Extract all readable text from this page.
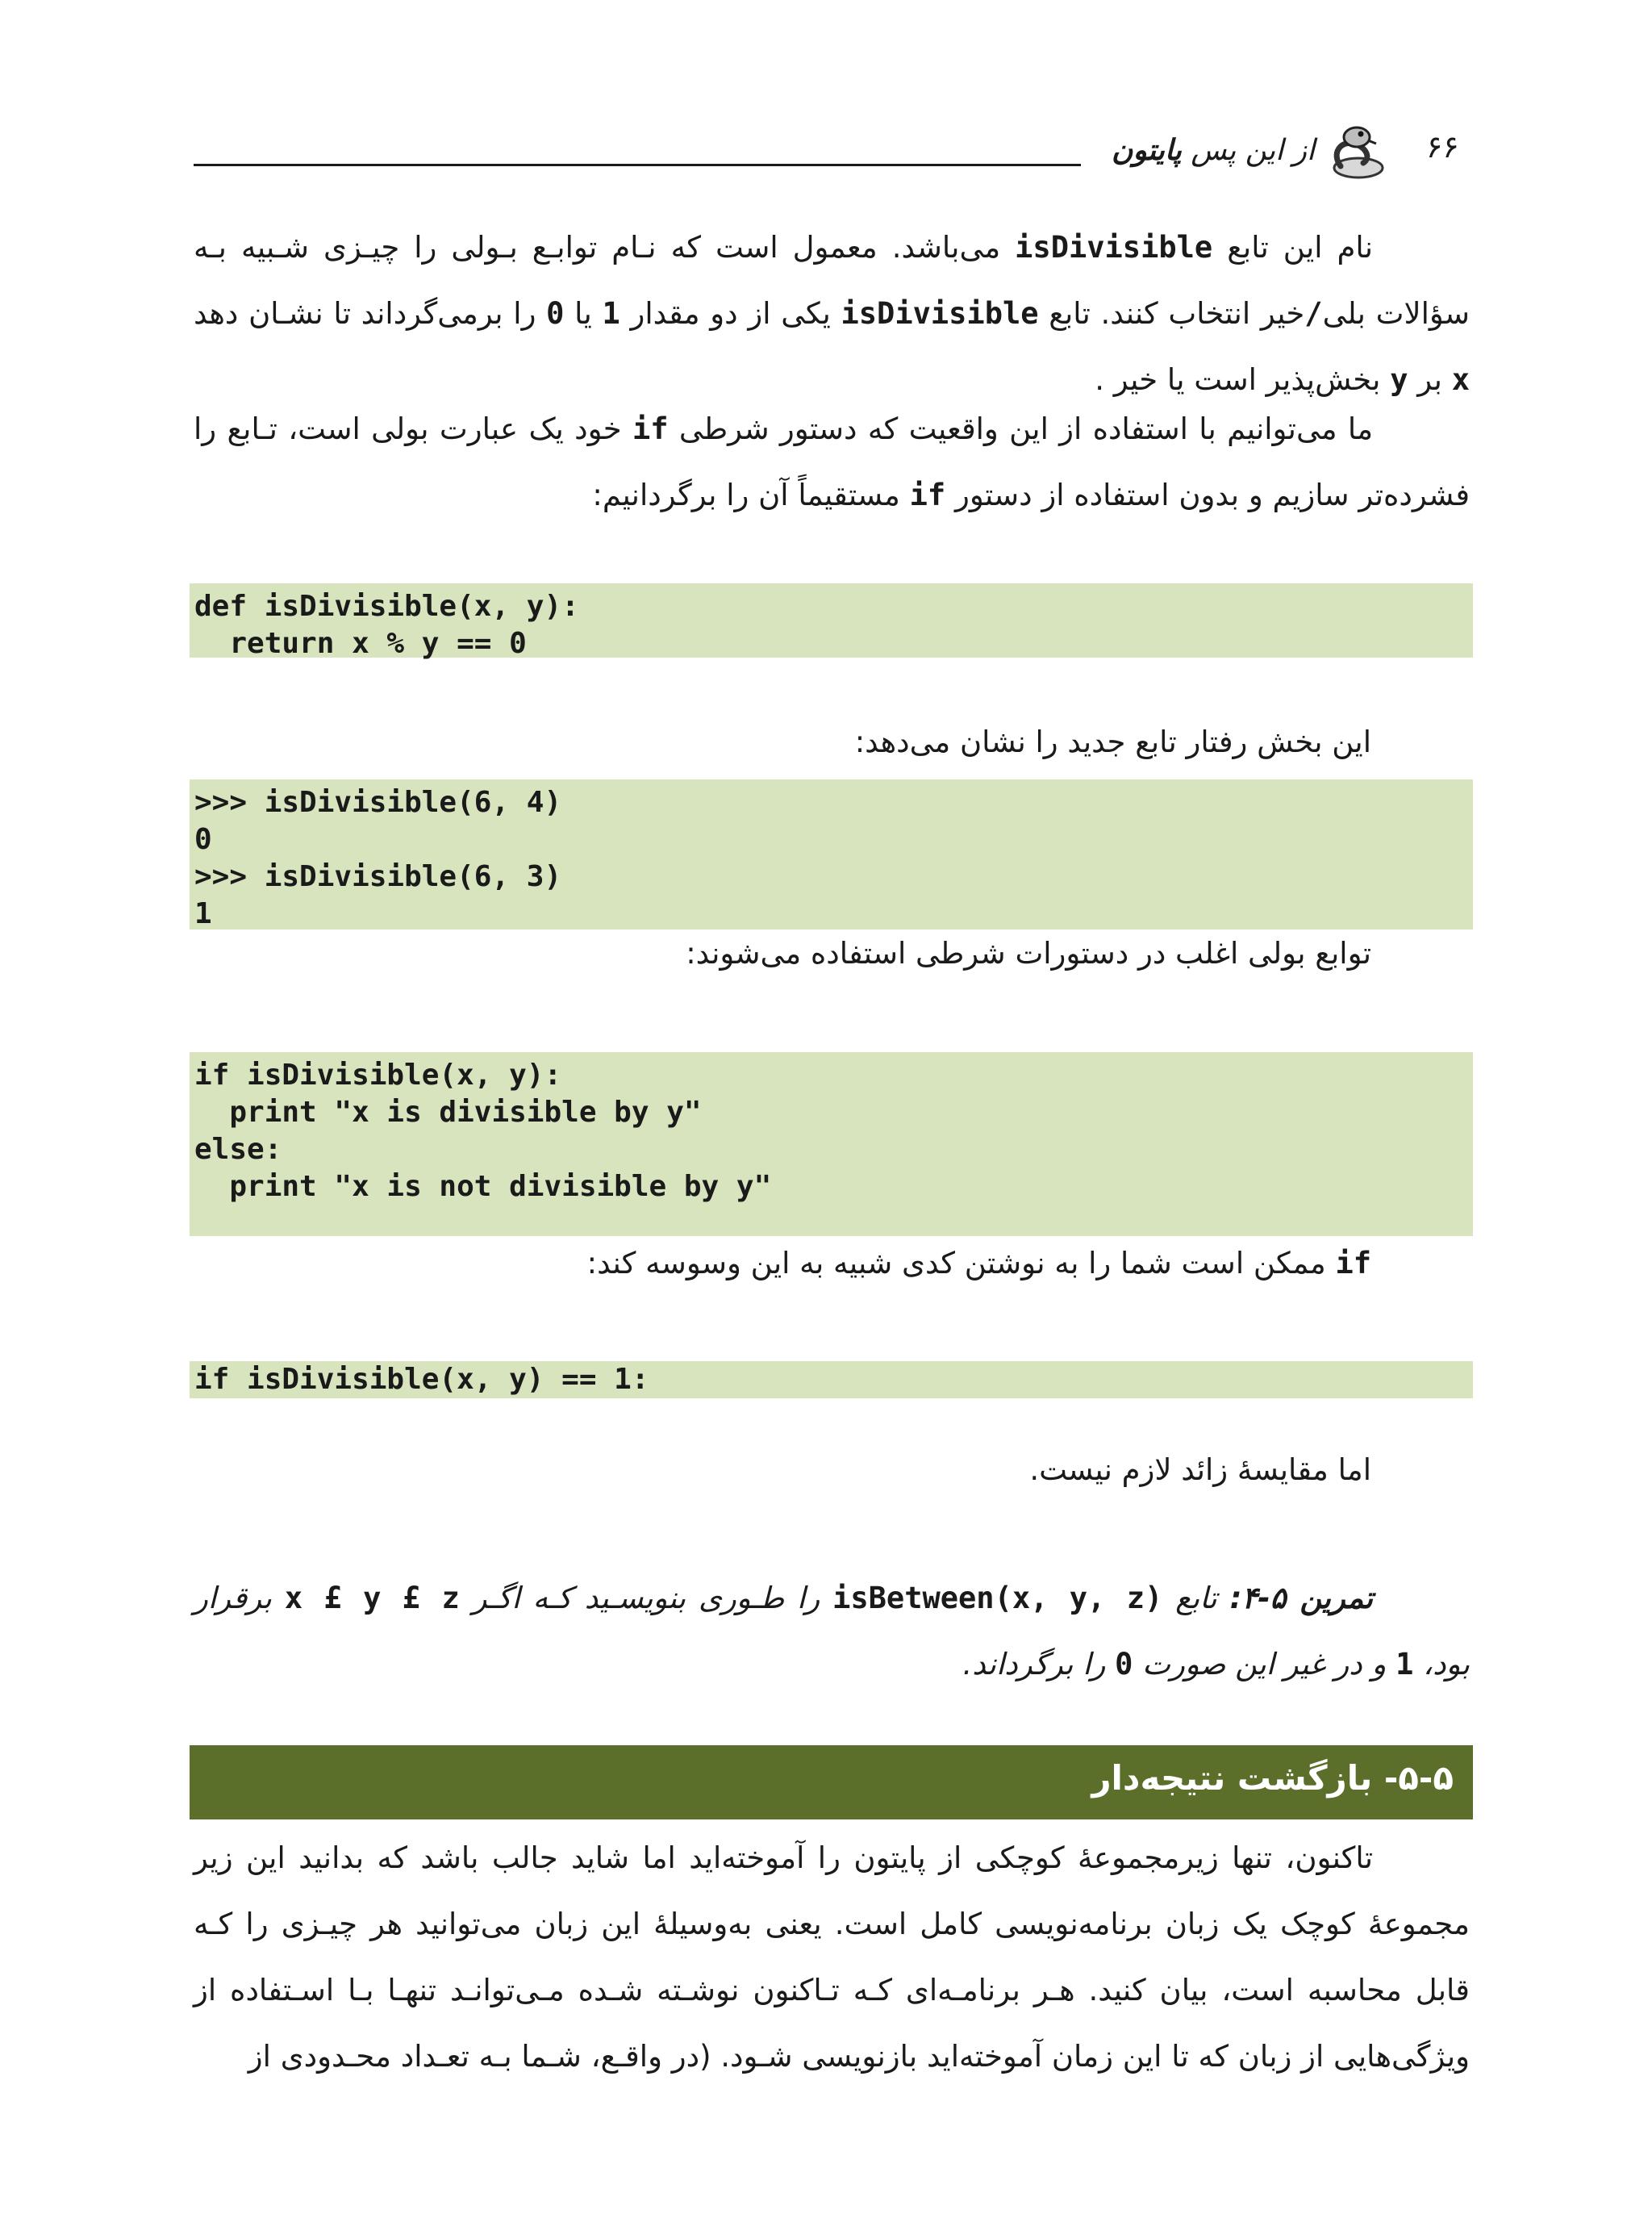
۶۶
از این پس پایتون
نام این تابع isDivisible می‌باشد. معمول است که نـام توابـع بـولی را چیـزی شـبیه بـه سؤالات بلی/خیر انتخاب کنند. تابع isDivisible یکی از دو مقدار 1 یا 0 را برمی‌گرداند تا نشـان دهد x بر y بخش‌پذیر است یا خیر .
ما می‌توانیم با استفاده از این واقعیت که دستور شرطی if خود یک عبارت بولی است، تـابع را فشرده‌تر سازیم و بدون استفاده از دستور if مستقیماً آن را برگردانیم:
def isDivisible(x, y):
return x % y == 0
این بخش رفتار تابع جدید را نشان می‌دهد:
>>> isDivisible(6, 4)
0
>>> isDivisible(6, 3)
1
توابع بولی اغلب در دستورات شرطی استفاده می‌شوند:
if isDivisible(x, y):
print "x is divisible by y"
else:
print "x is not divisible by y"
if ممکن است شما را به نوشتن کدی شبیه به این وسوسه کند:
if isDivisible(x, y) == 1:
اما مقایسهٔ زائد لازم نیست.
تمرین ۵-۴: تابع isBetween(x, y, z) را طـوری بنویسـید کـه اگـر x £ y £ z برقرار بود، 1 و در غیر این صورت 0 را برگرداند.
۵-۵- بازگشت نتیجه‌دار
تاکنون، تنها زیرمجموعهٔ کوچکی از پایتون را آموخته‌اید اما شاید جالب باشد که بدانید این زیر مجموعهٔ کوچک یک زبان برنامه‌نویسی کامل است. یعنی به‌وسیلهٔ این زبان می‌توانید هر چیـزی را کـه قابل محاسبه است، بیان کنید. هـر برنامـه‌ای کـه تـاکنون نوشـته شـده مـی‌توانـد تنهـا بـا اسـتفاده از ویژگی‌هایی از زبان که تا این زمان آموخته‌اید بازنویسی شـود. (در واقـع، شـما بـه تعـداد محـدودی از
